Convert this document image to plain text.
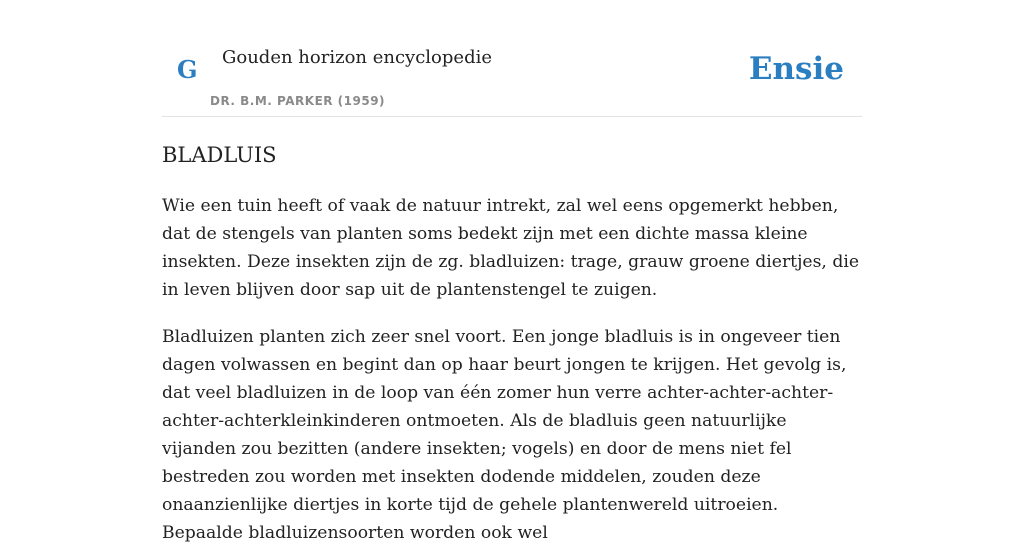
G Gouden horizon encyclopedie
DR. B.M. PARKER (1959)
Ensie
BLADLUIS

Wie een tuin heeft of vaak de natuur intrekt, zal wel eens opgemerkt hebben, dat de stengels van planten soms bedekt zijn met een dichte massa kleine insekten. Deze insekten zijn de zg. bladluizen: trage, grauw groene diertjes, die in leven blijven door sap uit de plantenstengel te zuigen.

Bladluizen planten zich zeer snel voort. Een jonge bladluis is in ongeveer tien dagen volwassen en begint dan op haar beurt jongen te krijgen. Het gevolg is, dat veel bladluizen in de loop van één zomer hun verre achter-achter-achter-achter-achterkleinkinderen ontmoeten. Als de bladluis geen natuurlijke vijanden zou bezitten (andere insekten; vogels) en door de mens niet fel bestreden zou worden met insekten dodende middelen, zouden deze onaanzienlijke diertjes in korte tijd de gehele plantenwereld uitroeien. Bepaalde bladluizensoorten worden ook wel
